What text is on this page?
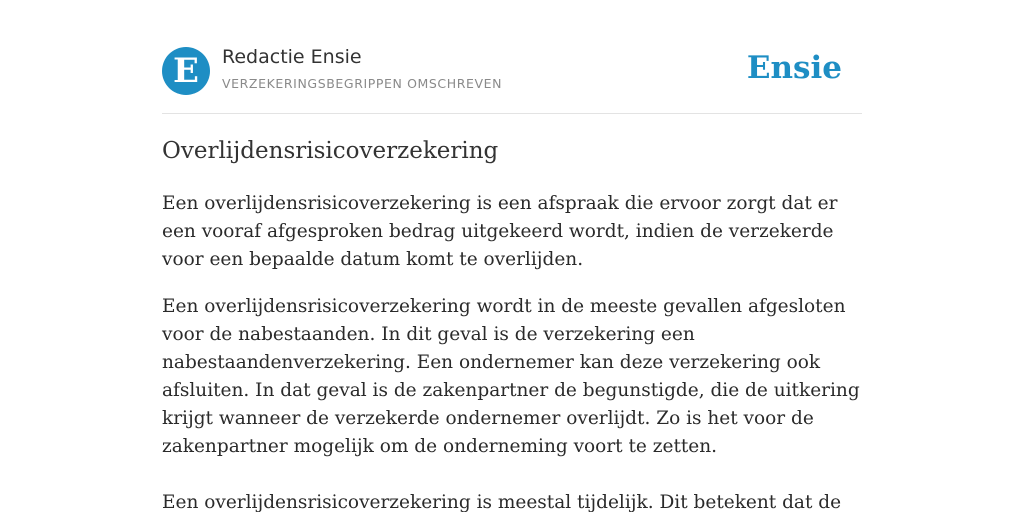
E	Redactie Ensie
VERZEKERINGSBEGRIPPEN OMSCHREVEN	Ensie
Overlijdensrisicoverzekering

Een overlijdensrisicoverzekering is een afspraak die ervoor zorgt dat er een vooraf afgesproken bedrag uitgekeerd wordt, indien de verzekerde voor een bepaalde datum komt te overlijden.

Een overlijdensrisicoverzekering wordt in de meeste gevallen afgesloten voor de nabestaanden. In dit geval is de verzekering een nabestaandenverzekering. Een ondernemer kan deze verzekering ook afsluiten. In dat geval is de zakenpartner de begunstigde, die de uitkering krijgt wanneer de verzekerde ondernemer overlijdt. Zo is het voor de zakenpartner mogelijk om de onderneming voort te zetten.

Een overlijdensrisicoverzekering is meestal tijdelijk. Dit betekent dat de
